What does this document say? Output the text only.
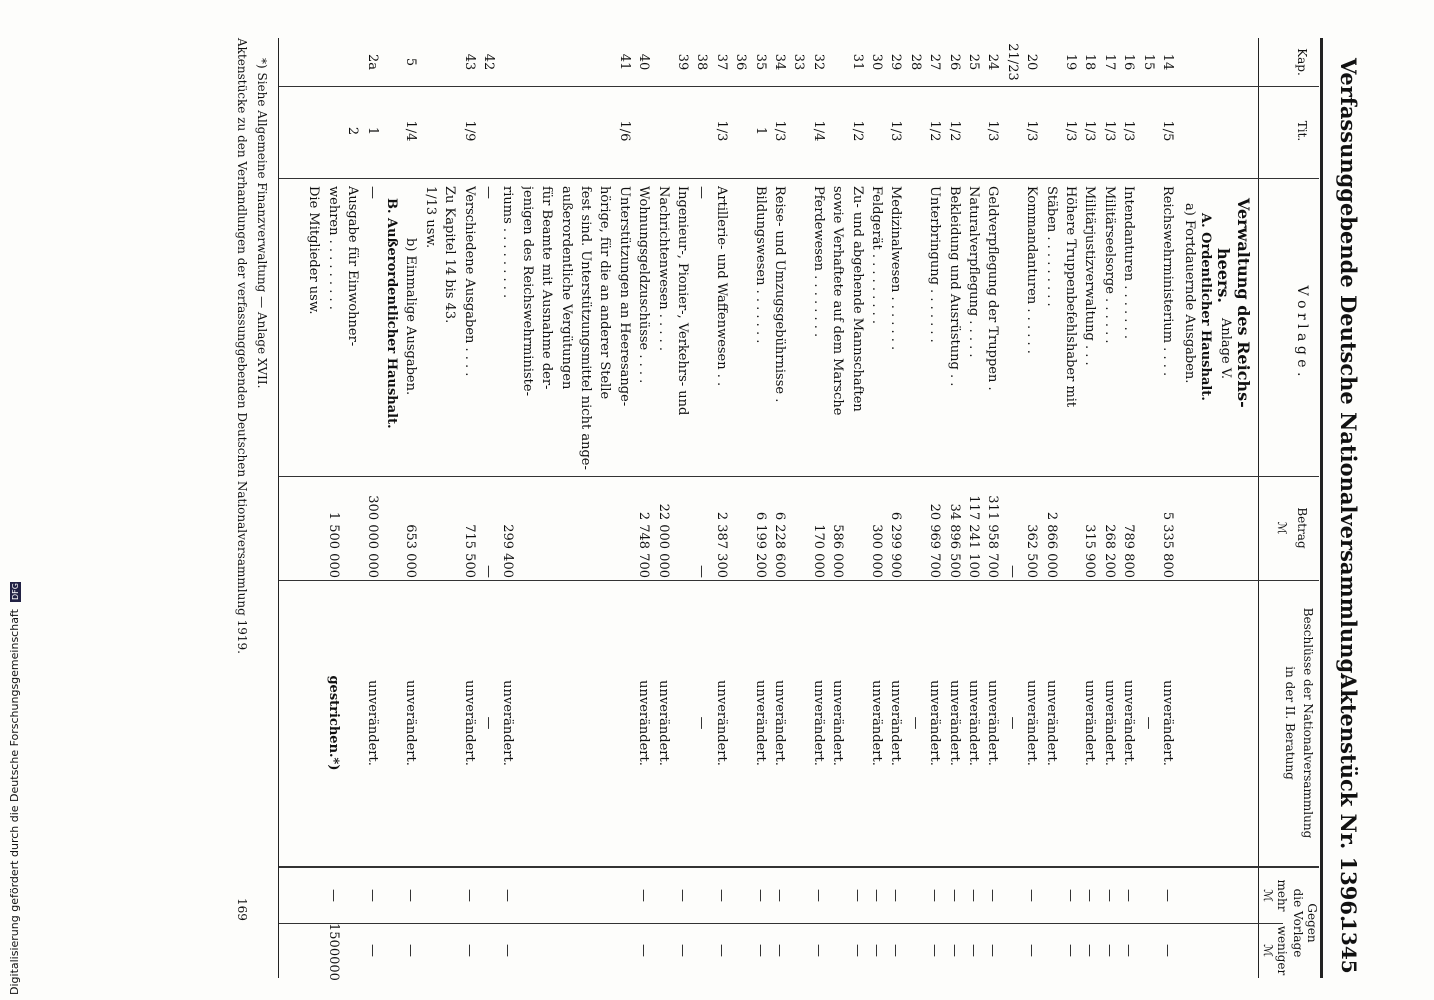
Verfassunggebende Deutsche Nationalversammlung.
Aktenstück Nr. 1396.
1345
Kap.
Tit.
V o r l a g e .
Betrag
ℳ
Beschlüsse der Nationalversammlung
in der II. Beratung
Gegen
die Vorlage
mehr
weniger
ℳ
ℳ
Verwaltung des Reichs-
heers.
Anlage V.
A. Ordentlicher Haushalt.
a) Fortdauernde Ausgaben.
14
1/5
Reichswehrministerium . . . .
5 335 800
unverändert.
—
—
15
—
16
1/3
Intendanturen . . . . . . .
789 800
unverändert.
—
—
17
1/3
Militärseelsorge . . . . . .
268 200
unverändert.
—
—
18
1/3
Militärjustizverwaltung . . .
315 900
unverändert.
—
—
19
1/3
Höhere Truppenbefehlshaber mit
—
—
Stäben . . . . . . . . .
2 866 000
unverändert.
20
1/3
Kommandanturen . . . . . .
362 500
unverändert.
—
—
21/23
—
—
24
1/3
Geldverpflegung der Truppen .
311 958 700
unverändert.
—
—
25
Naturalverpflegung . . . . .
117 241 100
unverändert.
—
—
26
1/2
Bekleidung und Ausrüstung . .
34 896 500
unverändert.
—
—
27
1/2
Unterbringung . . . . . . .
20 969 700
unverändert.
—
—
28
—
29
1/3
Medizinalwesen . . . . . . .
6 299 900
unverändert.
—
—
30
Feldgerät . . . . . . . . .
300 000
unverändert.
—
—
31
1/2
Zu- und abgehende Mannschaften
—
—
sowie Verhaftete auf dem Marsche
586 000
unverändert.
32
1/4
Pferdewesen . . . . . . . .
170 000
unverändert.
—
—
33
34
1/3
Reise- und Umzugsgebührnisse .
6 228 600
unverändert.
—
—
35
1
Bildungswesen . . . . . . .
6 199 200
unverändert.
—
—
36
37
1/3
Artillerie- und Waffenwesen . .
2 387 300
unverändert.
—
—
38
—
—
—
39
Ingenieur-, Pionier-, Verkehrs- und
—
—
Nachrichtenwesen . . . . .
22 000 000
unverändert.
40
Wohnungsgeldzuschüsse . . . .
2 748 700
unverändert.
—
—
41
1/6
Unterstützungen an Heeresange-
hörige, für die an anderer Stelle
fest sind. Unterstützungsmittel nicht ange-
außerordentliche Vergütungen
für Beamte mit Ausnahme der-
jenigen des Reichswehrministe-
riums . . . . . . . . .
299 400
unverändert.
—
—
42
—
—
—
43
1/9
Verschiedene Ausgaben . . . .
715 500
unverändert.
—
—
Zu Kapitel 14 bis 43.
1/13 usw.
5
1/4
b) Einmalige Ausgaben.
653 000
unverändert.
—
—
B. Außerordentlicher Haushalt.
2a
1
—
300 000 000
unverändert.
—
—
2
Ausgabe für Einwohner-
wehren . . . . . . . . .
1 500 000
gestrichen.*)
—
1500000
Die Mitglieder usw.
*) Siehe Allgemeine Finanzverwaltung — Anlage XVII.
Aktenstücke zu den Verhandlungen der verfassunggebenden Deutschen Nationalversammlung 1919.
169
Digitalisierung gefördert durch die Deutsche Forschungsgemeinschaft DFG
